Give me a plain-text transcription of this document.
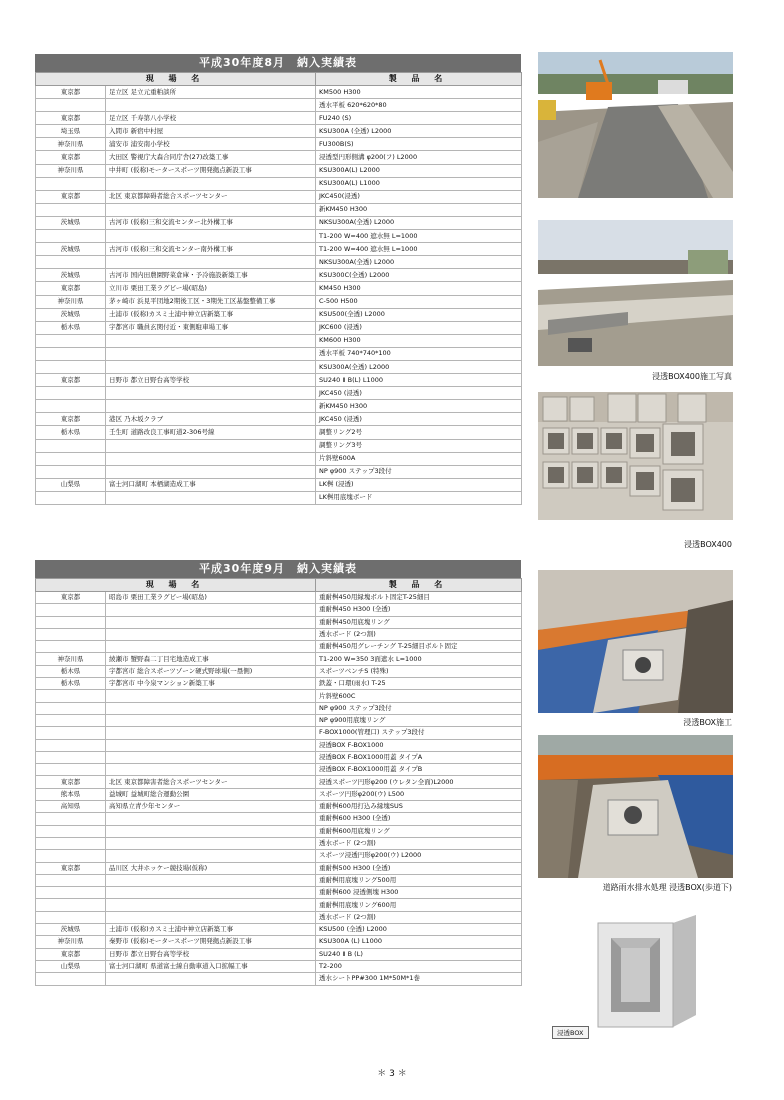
平成30年度8月　納入実績表
現 場 名		製 品 名
東京都	足立区 足立元重粕談所	KM500 H300
		透水平板 620*620*80
東京都	足立区 千寿第八小学校	FU240 (S)
埼玉県	入間市 新宿中村屋	KSU300A (全透) L2000
神奈川県	浦安市 浦安南小学校	FU300B(S)
東京都	大田区 警視庁大森合同庁舎(27)改築工事	浸透型円形側溝 φ200(フ) L2000
神奈川県	中井町 (仮称)モータースポーツ開発拠点新設工事	KSU300A(L) L2000
		KSU300A(L) L1000
東京都	北区 東京都障碍者総合スポーツセンター	JKC450(浸透)
		新KM450 H300
茨城県	古河市 (仮称)三和交流センター北外構工事	NKSU300A(全透) L2000
		T1-200 W=400 遮水無 L=1000
茨城県	古河市 (仮称)三和交流センター南外構工事	T1-200 W=400 遮水無 L=1000
		NKSU300A(全透) L2000
茨城県	古河市 国内田農園野菜倉庫・予冷施設新築工事	KSU300C(全透) L2000
東京都	立川市 栗田工業ラグビー場(昭島)	KM450 H300
神奈川県	茅ヶ崎市 浜見平団地2期後工区・3期先工区基盤整備工事	C-500 H500
茨城県	土浦市 (仮称)カスミ土浦中神立店新築工事	KSU500(全透) L2000
栃木県	宇都宮市 職員玄関付近・東側駐車場工事	JKC600 (浸透)
		KM600 H300
		透水平板 740*740*100
		KSU300A(全透) L2000
東京都	日野市 都立日野台高等学校	SU240 Ⅱ B(L) L1000
		JKC450 (浸透)
		新KM450 H300
東京都	港区 乃木坂クラブ	JKC450 (浸透)
栃木県	壬生町 道路改良工事町道2-306号線	調整リング2号
		調整リング3号
		片斜壁600A
		NP φ900 ステップ3段付
山梨県	富士河口湖町 本栖湖造成工事	LK桝 (浸透)
		LK桝用底塊ボード
平成30年度9月　納入実績表
現 場 名		製 品 名
東京都	昭島市 栗田工業ラグビー場(昭島)	重耐桝450用縁塊ボルト固定T-25細目
		重耐桝450 H300 (全透)
		重耐桝450用底塊リング
		透水ボード (2つ割)
		重耐桝450用グレーチング T-25細目ボルト固定
神奈川県	綾瀬市 蟹野森二丁目宅地造成工事	T1-200 W=350 3面遮水 L=1000
栃木県	宇都宮市 総合スポーツゾーン硬式野球場(一塁側)	スポーツベンチS (特殊)
栃木県	宇都宮市 中今泉マンション新築工事	鉄蓋・口環(雨水) T-25
		片斜壁600C
		NP φ900 ステップ3段付
		NP φ900用底塊リング
		F-BOX1000(管理口) ステップ3段付
		浸透BOX F-BOX1000
		浸透BOX F-BOX1000用蓋 タイプA
		浸透BOX F-BOX1000用蓋 タイプB
東京都	北区 東京都障害者総合スポーツセンター	浸透スポーツ円形φ200 (ウレタン全面)L2000
熊本県	益城町 益城町総合運動公園	スポーツ円形φ200(ウ) L500
高知県	高知県立青少年センター	重耐桝600用打込み縁塊SUS
		重耐桝600 H300 (全透)
		重耐桝600用底塊リング
		透水ボード (2つ割)
		スポーツ浸透円形φ200(ウ) L2000
東京都	品川区 大井ホッケー競技場(仮称)	重耐桝500 H300 (全透)
		重耐桝用底塊リング500用
		重耐桝600 浸透側塊 H300
		重耐桝用底塊リング600用
		透水ボード (2つ割)
茨城県	土浦市 (仮称)カスミ土浦中神立店新築工事	KSU500 (全透) L2000
神奈川県	秦野市 (仮称)モータースポーツ開発拠点新設工事	KSU300A (L) L1000
東京都	日野市 都立日野台高等学校	SU240 Ⅱ B (L)
山梨県	富士河口湖町 県道富士線自動車道入口拡幅工事	T2-200
		透水シートPP#300 1M*50M*1巻
浸透BOX400施工写真
浸透BOX400
浸透BOX施工
道路雨水排水処理 浸透BOX(歩道下)
浸透BOX
＊ 3 ＊
